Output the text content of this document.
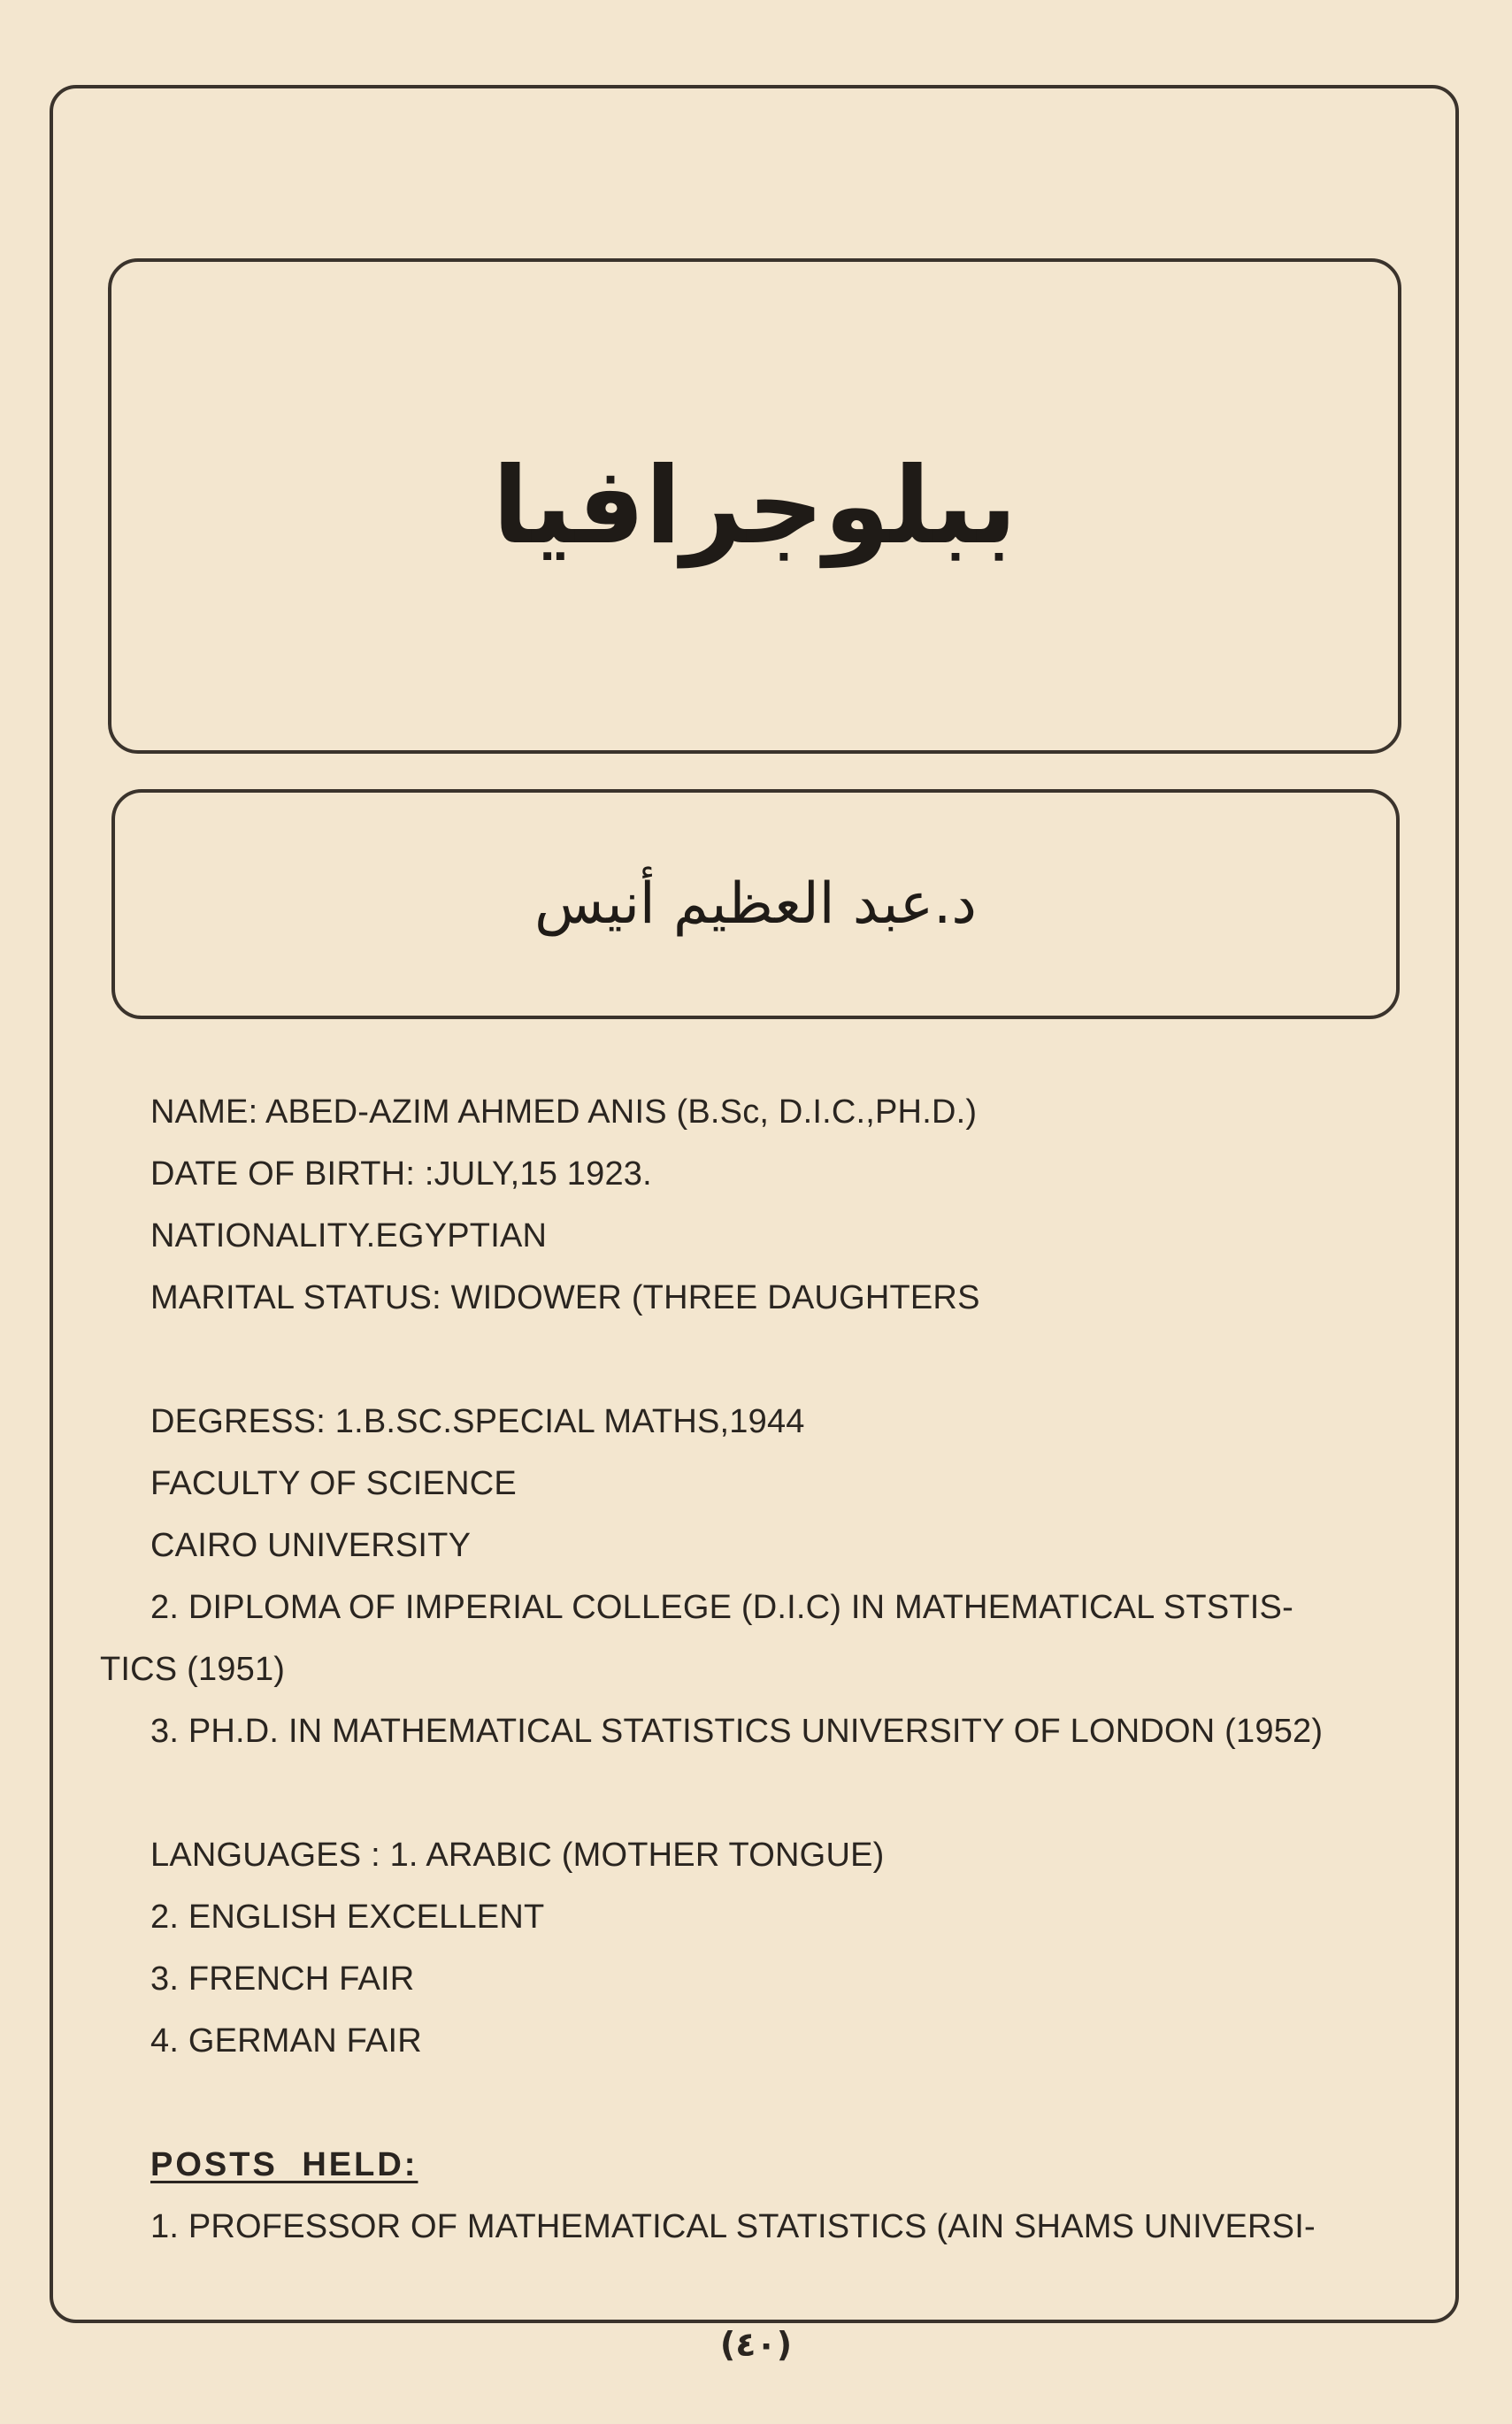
ببلوجرافيا
د.عبد العظيم أنيس
NAME: ABED-AZIM AHMED ANIS (B.Sc, D.I.C.,PH.D.)
DATE OF BIRTH: :JULY,15 1923.
NATIONALITY.EGYPTIAN
MARITAL STATUS: WIDOWER (THREE DAUGHTERS
DEGRESS: 1.B.SC.SPECIAL MATHS,1944
FACULTY OF SCIENCE
CAIRO UNIVERSITY
2. DIPLOMA OF IMPERIAL COLLEGE (D.I.C) IN MATHEMATICAL STSTIS-
TICS (1951)
3. PH.D. IN MATHEMATICAL STATISTICS UNIVERSITY OF LONDON (1952)
LANGUAGES : 1. ARABIC (MOTHER TONGUE)
2. ENGLISH EXCELLENT
3. FRENCH FAIR
4. GERMAN FAIR
POSTS HELD:
1. PROFESSOR OF MATHEMATICAL STATISTICS (AIN SHAMS UNIVERSI-
(٤٠)
